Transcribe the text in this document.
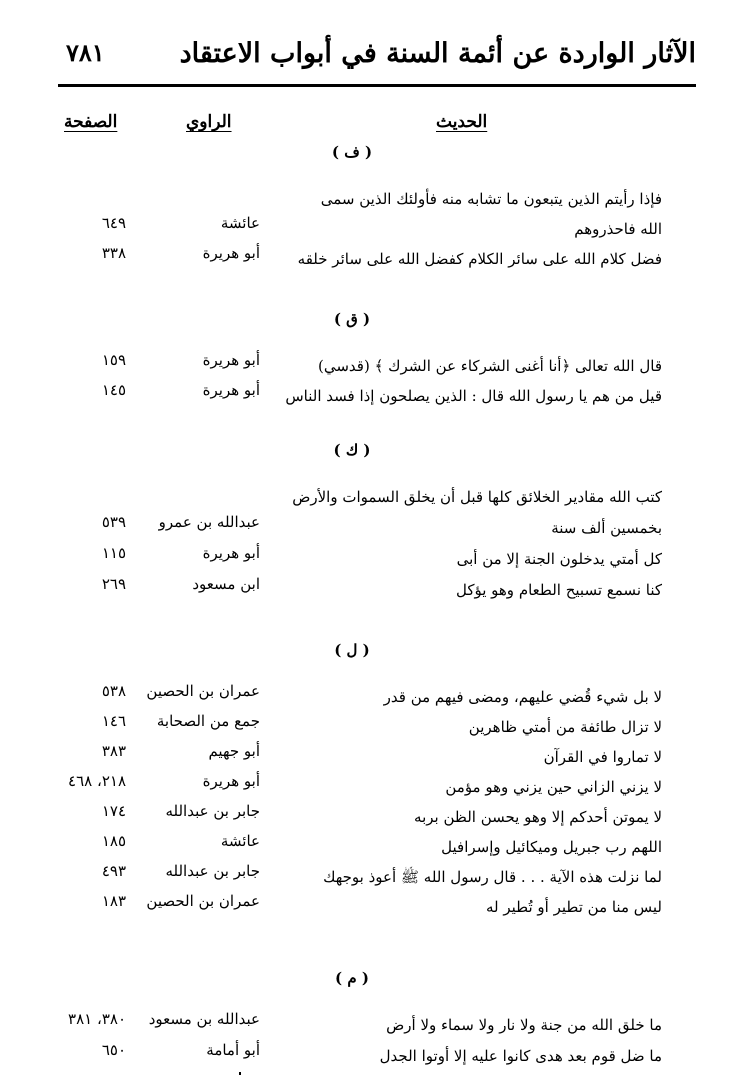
الآثار الواردة عن أئمة السنة في أبواب الاعتقاد
٧٨١
الحديث
الراوي
الصفحة
( ف )
فإذا رأيتم الذين يتبعون ما تشابه منه فأولئك الذين سمى
الله فاحذروهم
عائشة
٦٤٩
فضل كلام الله على سائر الكلام كفضل الله على سائر خلقه
أبو هريرة
٣٣٨
( ق )
قال الله تعالى ﴿أنا أغنى الشركاء عن الشرك ﴾ (قدسي)
أبو هريرة
١٥٩
قيل من هم يا رسول الله قال : الذين يصلحون إذا فسد الناس
أبو هريرة
١٤٥
( ك )
كتب الله مقادير الخلائق كلها قبل أن يخلق السموات والأرض
بخمسين ألف سنة
عبدالله بن عمرو
٥٣٩
كل أمتي يدخلون الجنة إلا من أبى
أبو هريرة
١١٥
كنا نسمع تسبيح الطعام وهو يؤكل
ابن مسعود
٢٦٩
( ل )
لا بل شيء قُضي عليهم، ومضى فيهم من قدر
عمران بن الحصين
٥٣٨
لا تزال طائفة من أمتي ظاهرين
جمع من الصحابة
١٤٦
لا تماروا في القرآن
أبو جهيم
٣٨٣
لا يزني الزاني حين يزني وهو مؤمن
أبو هريرة
٢١٨، ٤٦٨
لا يموتن أحدكم إلا وهو يحسن الظن بربه
جابر بن عبدالله
١٧٤
اللهم رب جبريل وميكائيل وإسرافيل
عائشة
١٨٥
لما نزلت هذه الآية . . . قال رسول الله ﷺ أعوذ بوجهك
جابر بن عبدالله
٤٩٣
ليس منا من تطير أو تُطير له
عمران بن الحصين
١٨٣
( م )
ما خلق الله من جنة ولا نار ولا سماء ولا أرض
عبدالله بن مسعود
٣٨٠، ٣٨١
ما ضل قوم بعد هدى كانوا عليه إلا أوتوا الجدل
أبو أمامة
٦٥٠
